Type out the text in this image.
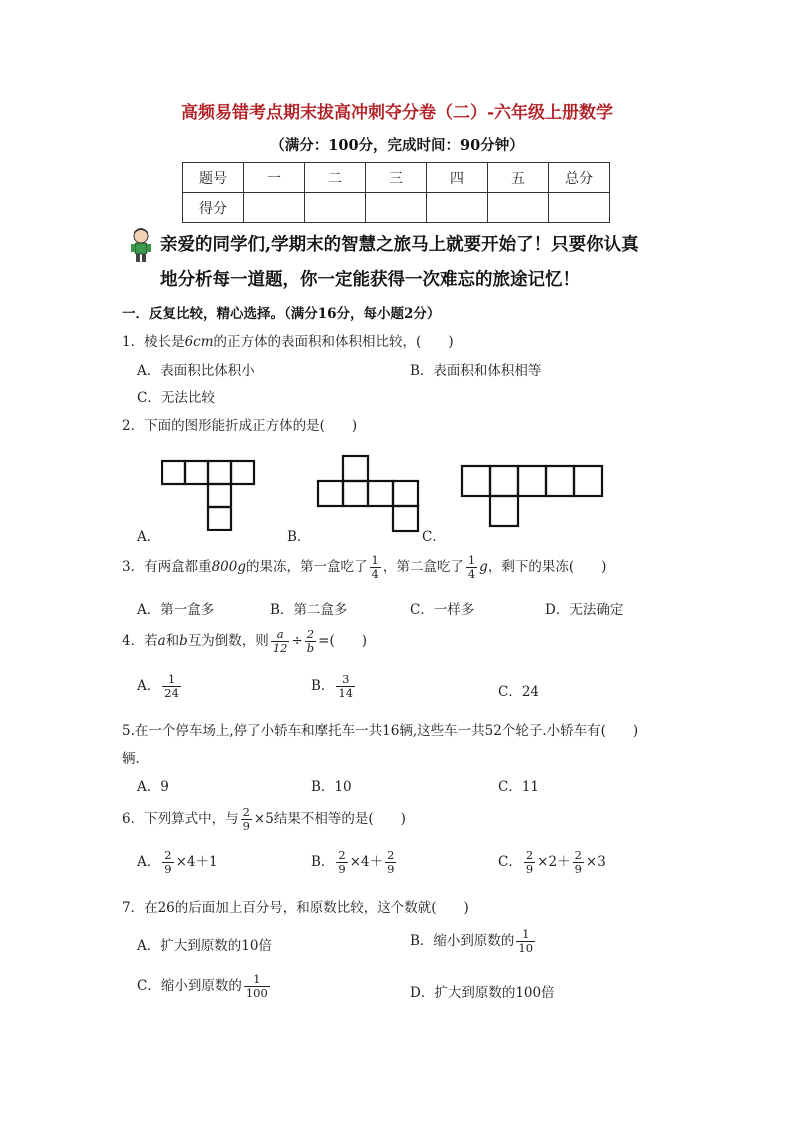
高频易错考点期末拔高冲刺夺分卷（二）-六年级上册数学
（满分：100分，完成时间：90分钟）
题号	一	二	三	四	五	总分
得分						
亲爱的同学们,学期末的智慧之旅马上就要开始了！只要你认真
地分析每一道题，你一定能获得一次难忘的旅途记忆！
一．反复比较，精心选择。（满分16分，每小题2分）
1．棱长是6cm的正方体的表面积和体积相比较，(　　)
A．表面积比体积小	B．表面积和体积相等
C．无法比较
2．下面的图形能折成正方体的是(　　)
A．	B．	C．
3．有两盒都重800g的果冻，第一盒吃了 $\frac{1}{4}$ ，第二盒吃了 $\frac{1}{4}$ g，剩下的果冻(　　)
A．第一盒多	B．第二盒多	C．一样多	D．无法确定
4．若a和b互为倒数，则 $\frac{a}{12} \div \frac{2}{b}$ =(　　)
A． $\frac{1}{24}$	B． $\frac{3}{14}$	C．24
5.在一个停车场上,停了小轿车和摩托车一共16辆,这些车一共52个轮子.小轿车有(　　)
辆.
A．9	B．10	C．11
6．下列算式中，与 $\frac{2}{9} \times 5$结果不相等的是(　　)
A． $\frac{2}{9} \times 4+1$	B． $\frac{2}{9} \times 4+ \frac{2}{9}$	C． $\frac{2}{9} \times 2+ \frac{2}{9} \times 3$
7．在26的后面加上百分号，和原数比较，这个数就(　　)
A．扩大到原数的10倍	B．缩小到原数的 $\frac{1}{10}$
C．缩小到原数的 $\frac{1}{100}$	D．扩大到原数的100倍
